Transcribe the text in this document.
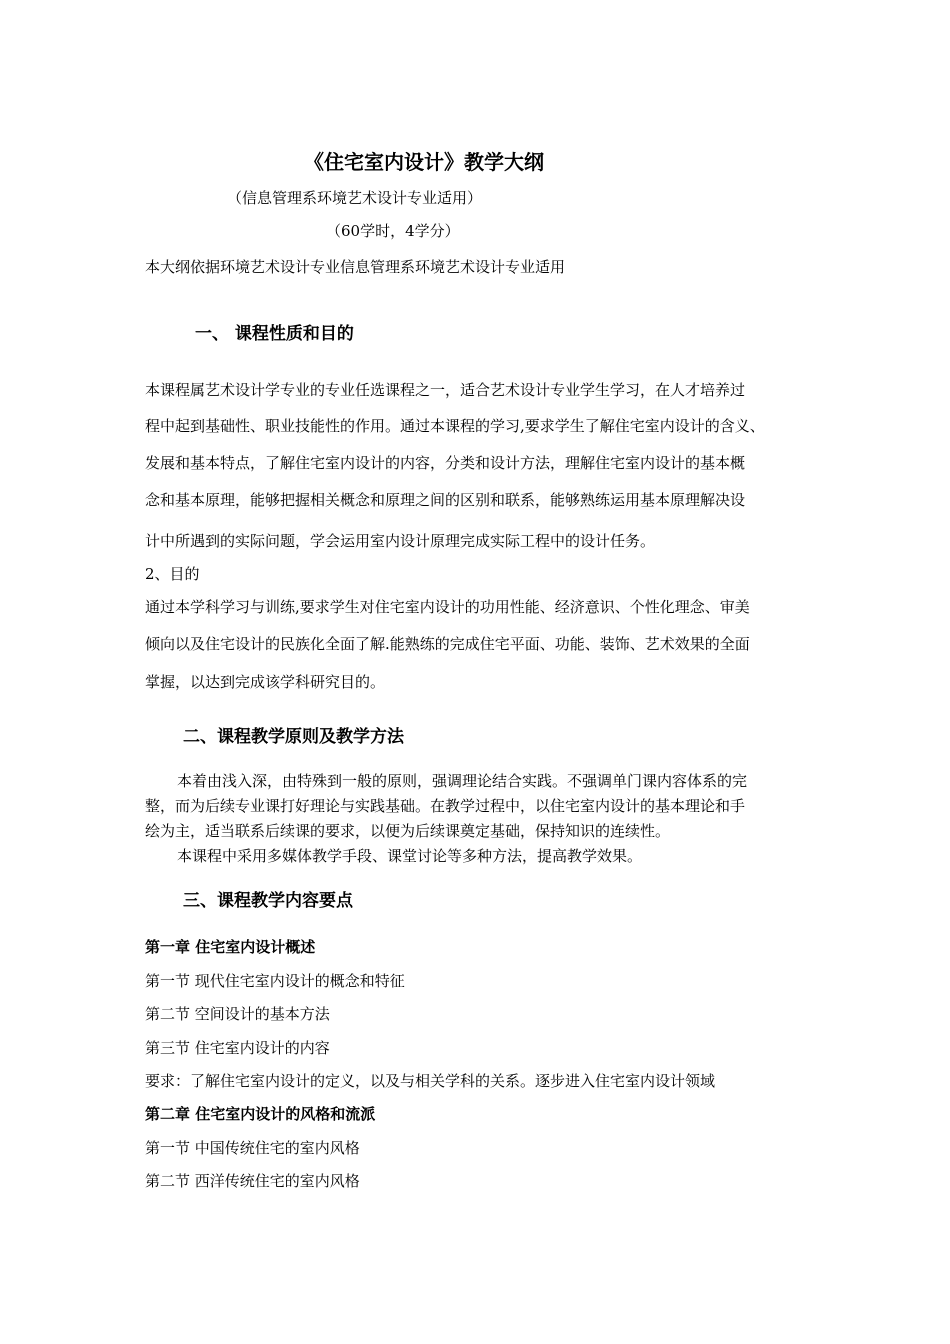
《住宅室内设计》教学大纲
（信息管理系环境艺术设计专业适用）
（60学时，4学分）
本大纲依据环境艺术设计专业信息管理系环境艺术设计专业适用
一、 课程性质和目的
本课程属艺术设计学专业的专业任选课程之一，适合艺术设计专业学生学习，在人才培养过
程中起到基础性、职业技能性的作用。通过本课程的学习,要求学生了解住宅室内设计的含义、
发展和基本特点，了解住宅室内设计的内容，分类和设计方法，理解住宅室内设计的基本概
念和基本原理，能够把握相关概念和原理之间的区别和联系，能够熟练运用基本原理解决设
计中所遇到的实际问题，学会运用室内设计原理完成实际工程中的设计任务。
2、目的
通过本学科学习与训练,要求学生对住宅室内设计的功用性能、经济意识、个性化理念、审美
倾向以及住宅设计的民族化全面了解.能熟练的完成住宅平面、功能、装饰、艺术效果的全面
掌握，以达到完成该学科研究目的。
二、课程教学原则及教学方法
本着由浅入深，由特殊到一般的原则，强调理论结合实践。不强调单门课内容体系的完
整，而为后续专业课打好理论与实践基础。在教学过程中，以住宅室内设计的基本理论和手
绘为主，适当联系后续课的要求，以便为后续课奠定基础，保持知识的连续性。
本课程中采用多媒体教学手段、课堂讨论等多种方法，提高教学效果。
三、课程教学内容要点
第一章 住宅室内设计概述
第一节 现代住宅室内设计的概念和特征
第二节 空间设计的基本方法
第三节 住宅室内设计的内容
要求：了解住宅室内设计的定义，以及与相关学科的关系。逐步进入住宅室内设计领域
第二章 住宅室内设计的风格和流派
第一节 中国传统住宅的室内风格
第二节 西洋传统住宅的室内风格
